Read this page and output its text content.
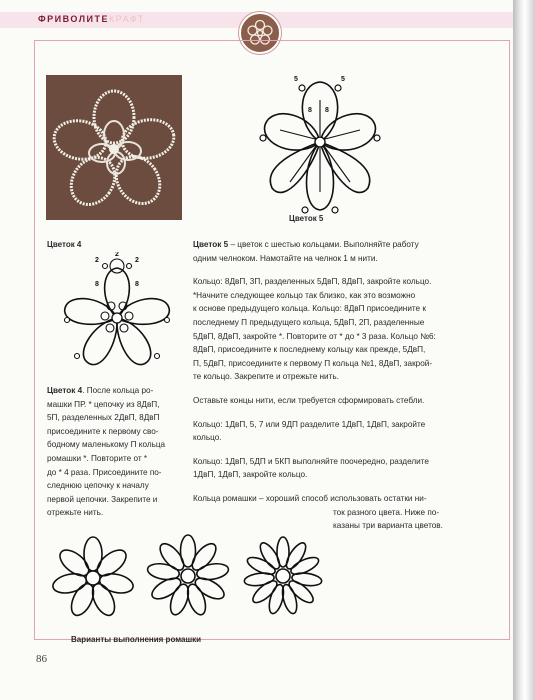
ФРИВОЛИТЕКРАФТ
5	5
8 8
Цветок 5
Цветок 4
2
2
2
8	8

Цветок 4. После кольца ро-

машки ПР. * цепочку из 8ДвП,

5П, разделенных 2ДвП, 8ДвП

присоедините к первому сво-

бодному маленькому П кольца

ромашки *. Повторите от *

до * 4 раза. Присоедините по-

следнюю цепочку к началу

первой цепочки. Закрепите и

отрежьте нить.

Цветок 5 – цветок с шестью кольцами. Выполняйте работу

одним челноком. Намотайте на челнок 1 м нити.

Кольцо: 8ДвП, 3П, разделенных 5ДвП, 8ДвП, закройте кольцо.

*Начните следующее кольцо так близко, как это возможно

к основе предыдущего кольца. Кольцо: 8ДвП присоедините к

последнему П предыдущего кольца, 5ДвП, 2П, разделенные

5ДвП, 8ДвП, закройте *. Повторите от * до * 3 раза. Кольцо №6:

8ДвП, присоедините к последнему кольцу как прежде, 5ДвП,

П, 5ДвП, присоедините к первому П кольца №1, 8ДвП, закрой-

те кольцо. Закрепите и отрежьте нить.

Оставьте концы нити, если требуется сформировать стебли.

Кольцо: 1ДвП, 5, 7 или 9ДП разделите 1ДвП, 1ДвП, закройте

кольцо.

Кольцо: 1ДвП, 5ДП и 5КП выполняйте поочередно, разделите

1ДвП, 1ДвП, закройте кольцо.

Кольца ромашки – хороший способ использовать остатки ни-

ток разного цвета. Ниже по-

казаны три варианта цветов.

Варианты выполнения ромашки
86
